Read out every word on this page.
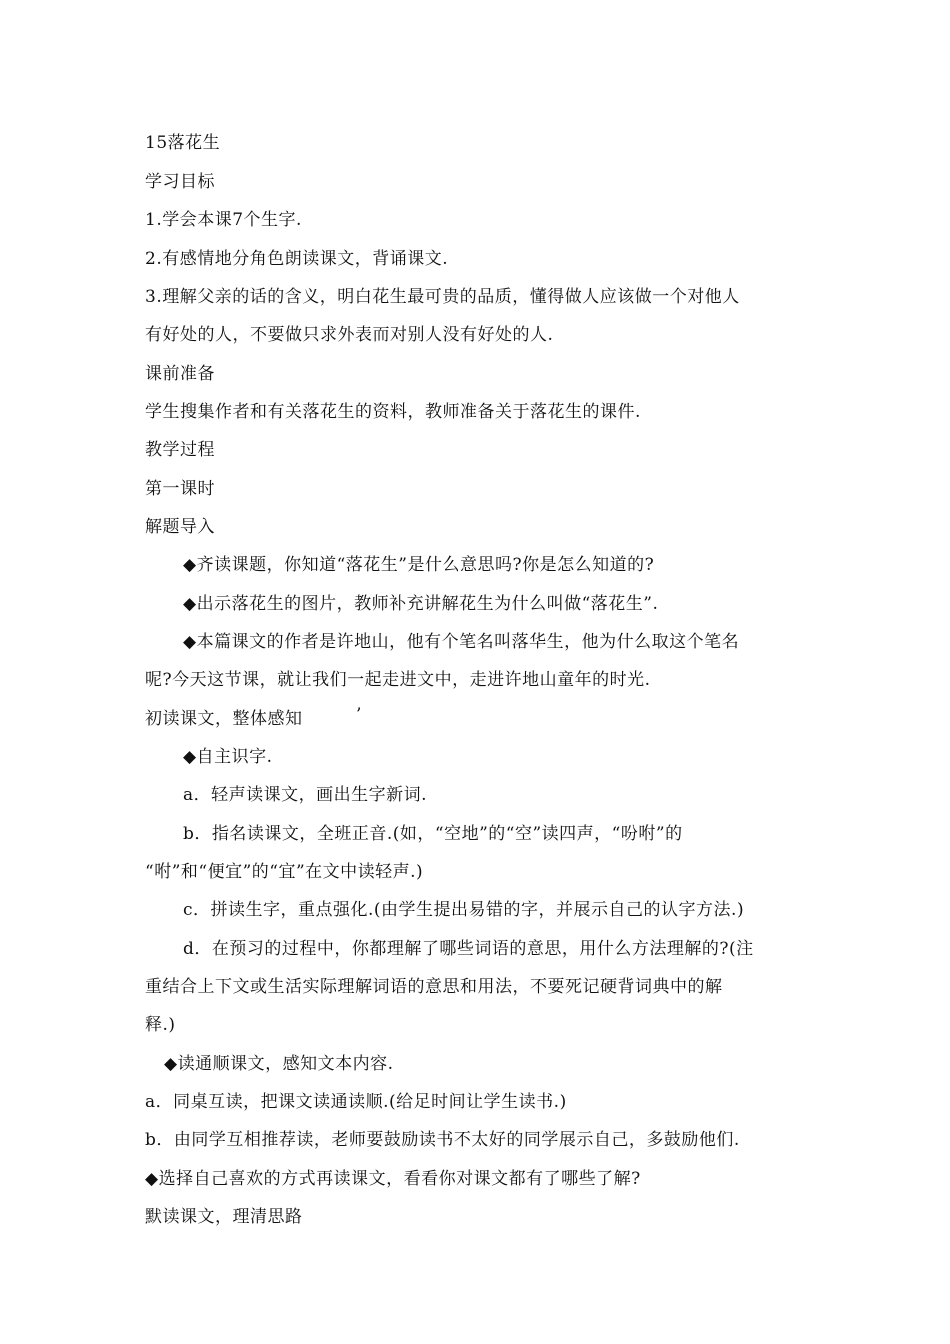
15落花生
学习目标
1.学会本课7个生字.
2.有感情地分角色朗读课文，背诵课文.
3.理解父亲的话的含义，明白花生最可贵的品质，懂得做人应该做一个对他人
有好处的人，不要做只求外表而对别人没有好处的人.
课前准备
学生搜集作者和有关落花生的资料，教师准备关于落花生的课件.
教学过程
第一课时
解题导入
◆齐读课题，你知道“落花生”是什么意思吗?你是怎么知道的?
◆出示落花生的图片，教师补充讲解花生为什么叫做“落花生”.
◆本篇课文的作者是许地山，他有个笔名叫落华生，他为什么取这个笔名
呢?今天这节课，就让我们一起走进文中，走进许地山童年的时光.
初读课文，整体感知	’
◆自主识字.
a．轻声读课文，画出生字新词.
b．指名读课文，全班正音.(如，“空地”的“空”读四声，“吩咐”的
“咐”和“便宜”的“宜”在文中读轻声.)
c．拼读生字，重点强化.(由学生提出易错的字，并展示自己的认字方法.)
d．在预习的过程中，你都理解了哪些词语的意思，用什么方法理解的?(注
重结合上下文或生活实际理解词语的意思和用法，不要死记硬背词典中的解
释.)
◆读通顺课文，感知文本内容.
a．同桌互读，把课文读通读顺.(给足时间让学生读书.)
b．由同学互相推荐读，老师要鼓励读书不太好的同学展示自己，多鼓励他们.
◆选择自己喜欢的方式再读课文，看看你对课文都有了哪些了解?
默读课文，理清思路
